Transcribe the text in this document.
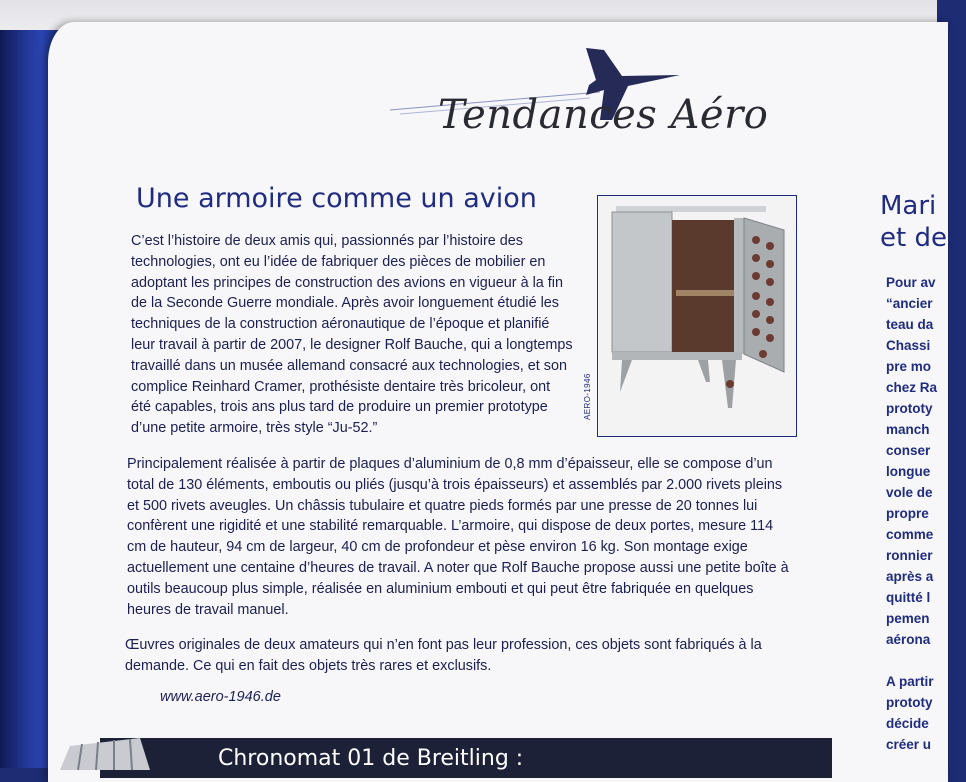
Tendances Aéro
Une armoire comme un avion

C’est l’histoire de deux amis qui, passionnés par l’histoire des technologies, ont eu l’idée de fabriquer des pièces de mobilier en adoptant les principes de construction des avions en vigueur à la fin de la Seconde Guerre mondiale. Après avoir longuement étudié les techniques de la construction aéronautique de l’époque et planifié leur travail à partir de 2007, le designer Rolf Bauche, qui a longtemps travaillé dans un musée allemand consacré aux technologies, et son complice Reinhard Cramer, prothésiste dentaire très bricoleur, ont été capables, trois ans plus tard de produire un premier prototype d’une petite armoire, très style “Ju-52.”

AERO-1946

Principalement réalisée à partir de plaques d’aluminium de 0,8 mm d’épaisseur, elle se compose d’un total de 130 éléments, emboutis ou pliés (jusqu’à trois épaisseurs) et assemblés par 2.000 rivets pleins et 500 rivets aveugles. Un châssis tubulaire et quatre pieds formés par une presse de 20 tonnes lui confèrent une rigidité et une stabilité remarquable. L’armoire, qui dispose de deux portes, mesure 114 cm de hauteur, 94 cm de largeur, 40 cm de profondeur et pèse environ 16 kg. Son montage exige actuellement une centaine d’heures de travail. A noter que Rolf Bauche propose aussi une petite boîte à outils beaucoup plus simple, réalisée en aluminium embouti et qui peut être fabriquée en quelques heures de travail manuel.

Œuvres originales de deux amateurs qui n’en font pas leur profession, ces objets sont fabriqués à la demande. Ce qui en fait des objets très rares et exclusifs.

www.aero-1946.de

Mari
et de
Pour av
“ancier
teau da
Chassi
pre mo
chez Ra
prototy
manch
conser
longue
vole de
propre
comme
ronnier
après a
quitté l
pemen
aérona

A partir
prototy
décide
créer u

Chronomat 01 de Breitling :
